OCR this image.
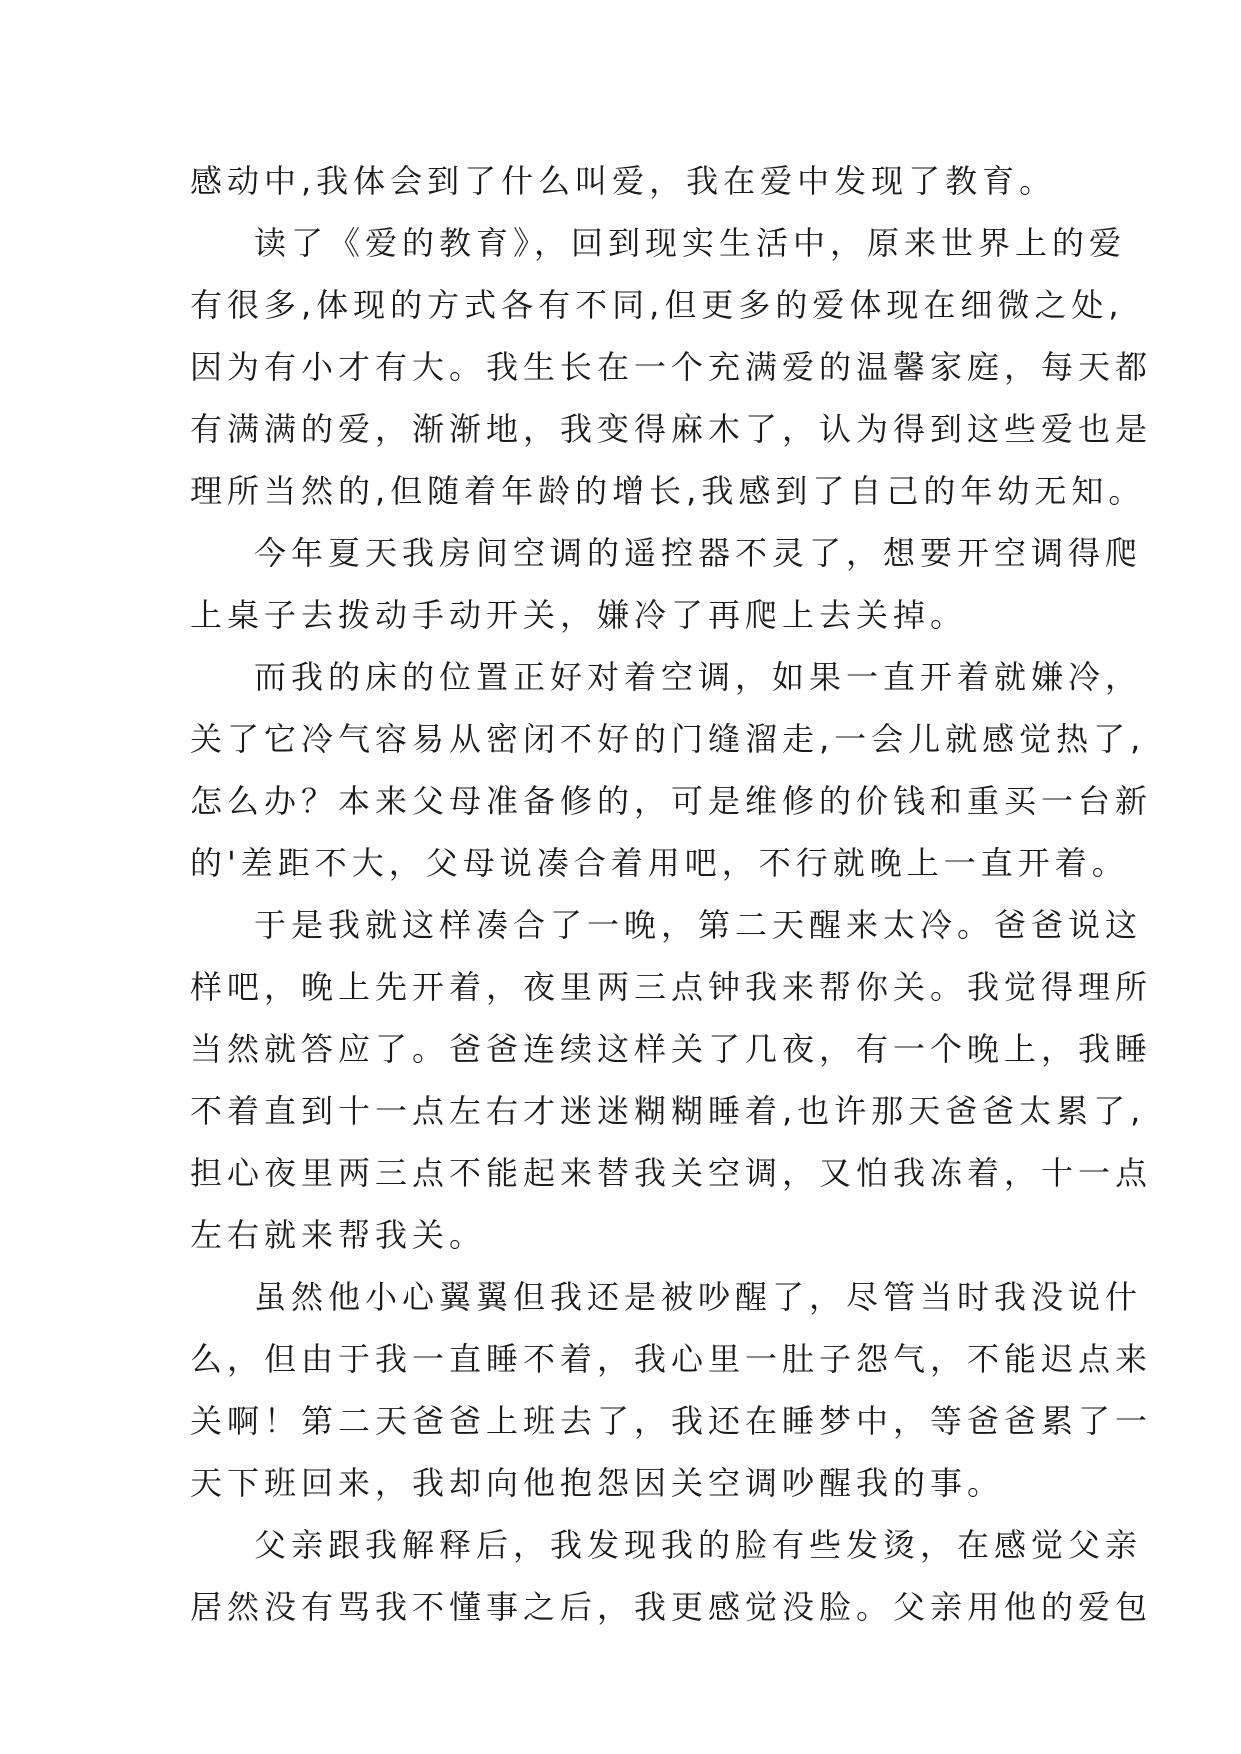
感动中,我体会到了什么叫爱，我在爱中发现了教育。
读了《爱的教育》，回到现实生活中，原来世界上的爱
有很多,体现的方式各有不同,但更多的爱体现在细微之处,
因为有小才有大。我生长在一个充满爱的温馨家庭，每天都
有满满的爱，渐渐地，我变得麻木了，认为得到这些爱也是
理所当然的,但随着年龄的增长,我感到了自己的年幼无知。
今年夏天我房间空调的遥控器不灵了，想要开空调得爬
上桌子去拨动手动开关，嫌冷了再爬上去关掉。
而我的床的位置正好对着空调，如果一直开着就嫌冷，
关了它冷气容易从密闭不好的门缝溜走,一会儿就感觉热了,
怎么办？本来父母准备修的，可是维修的价钱和重买一台新
的'差距不大，父母说凑合着用吧，不行就晚上一直开着。
于是我就这样凑合了一晚，第二天醒来太冷。爸爸说这
样吧，晚上先开着，夜里两三点钟我来帮你关。我觉得理所
当然就答应了。爸爸连续这样关了几夜，有一个晚上，我睡
不着直到十一点左右才迷迷糊糊睡着,也许那天爸爸太累了,
担心夜里两三点不能起来替我关空调，又怕我冻着，十一点
左右就来帮我关。
虽然他小心翼翼但我还是被吵醒了，尽管当时我没说什
么，但由于我一直睡不着，我心里一肚子怨气，不能迟点来
关啊！第二天爸爸上班去了，我还在睡梦中，等爸爸累了一
天下班回来，我却向他抱怨因关空调吵醒我的事。
父亲跟我解释后，我发现我的脸有些发烫，在感觉父亲
居然没有骂我不懂事之后，我更感觉没脸。父亲用他的爱包
